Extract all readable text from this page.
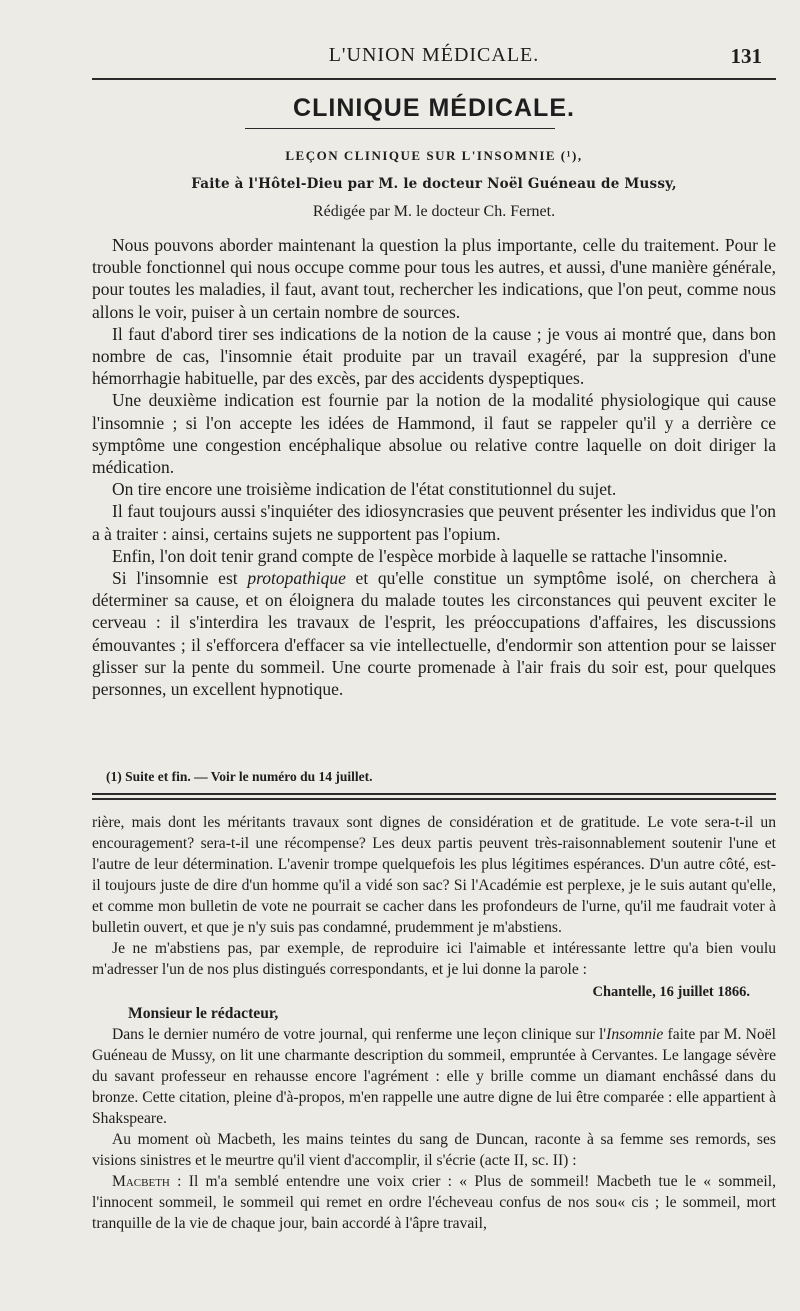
L'UNION MÉDICALE.	131
CLINIQUE MÉDICALE.
LEÇON CLINIQUE SUR L'INSOMNIE (¹),
Faite à l'Hôtel-Dieu par M. le docteur Noël Guéneau de Mussy,
Rédigée par M. le docteur Ch. Fernet.

Nous pouvons aborder maintenant la question la plus importante, celle du traitement. Pour le trouble fonctionnel qui nous occupe comme pour tous les autres, et aussi, d'une manière générale, pour toutes les maladies, il faut, avant tout, rechercher les indications, que l'on peut, comme nous allons le voir, puiser à un certain nombre de sources.

Il faut d'abord tirer ses indications de la notion de la cause ; je vous ai montré que, dans bon nombre de cas, l'insomnie était produite par un travail exagéré, par la suppresion d'une hémorrhagie habituelle, par des excès, par des accidents dyspeptiques.

Une deuxième indication est fournie par la notion de la modalité physiologique qui cause l'insomnie ; si l'on accepte les idées de Hammond, il faut se rappeler qu'il y a derrière ce symptôme une congestion encéphalique absolue ou relative contre laquelle on doit diriger la médication.

On tire encore une troisième indication de l'état constitutionnel du sujet.

Il faut toujours aussi s'inquiéter des idiosyncrasies que peuvent présenter les individus que l'on a à traiter : ainsi, certains sujets ne supportent pas l'opium.

Enfin, l'on doit tenir grand compte de l'espèce morbide à laquelle se rattache l'insomnie.

Si l'insomnie est protopathique et qu'elle constitue un symptôme isolé, on cherchera à déterminer sa cause, et on éloignera du malade toutes les circonstances qui peuvent exciter le cerveau : il s'interdira les travaux de l'esprit, les préoccupations d'affaires, les discussions émouvantes ; il s'efforcera d'effacer sa vie intellectuelle, d'endormir son attention pour se laisser glisser sur la pente du sommeil. Une courte promenade à l'air frais du soir est, pour quelques personnes, un excellent hypnotique.

(1) Suite et fin. — Voir le numéro du 14 juillet.

rière, mais dont les méritants travaux sont dignes de considération et de gratitude. Le vote sera-t-il un encouragement? sera-t-il une récompense? Les deux partis peuvent très-raisonnablement soutenir l'une et l'autre de leur détermination. L'avenir trompe quelquefois les plus légitimes espérances. D'un autre côté, est-il toujours juste de dire d'un homme qu'il a vidé son sac? Si l'Académie est perplexe, je le suis autant qu'elle, et comme mon bulletin de vote ne pourrait se cacher dans les profondeurs de l'urne, qu'il me faudrait voter à bulletin ouvert, et que je n'y suis pas condamné, prudemment je m'abstiens.

Je ne m'abstiens pas, par exemple, de reproduire ici l'aimable et intéressante lettre qu'a bien voulu m'adresser l'un de nos plus distingués correspondants, et je lui donne la parole :

Chantelle, 16 juillet 1866.

Monsieur le rédacteur,

Dans le dernier numéro de votre journal, qui renferme une leçon clinique sur l'Insomnie faite par M. Noël Guéneau de Mussy, on lit une charmante description du sommeil, empruntée à Cervantes. Le langage sévère du savant professeur en rehausse encore l'agrément : elle y brille comme un diamant enchâssé dans du bronze. Cette citation, pleine d'à-propos, m'en rappelle une autre digne de lui être comparée : elle appartient à Shakspeare.

Au moment où Macbeth, les mains teintes du sang de Duncan, raconte à sa femme ses remords, ses visions sinistres et le meurtre qu'il vient d'accomplir, il s'écrie (acte II, sc. II) :

Macbeth : Il m'a semblé entendre une voix crier : « Plus de sommeil! Macbeth tue le « sommeil, l'innocent sommeil, le sommeil qui remet en ordre l'écheveau confus de nos sou« cis ; le sommeil, mort tranquille de la vie de chaque jour, bain accordé à l'âpre travail,
